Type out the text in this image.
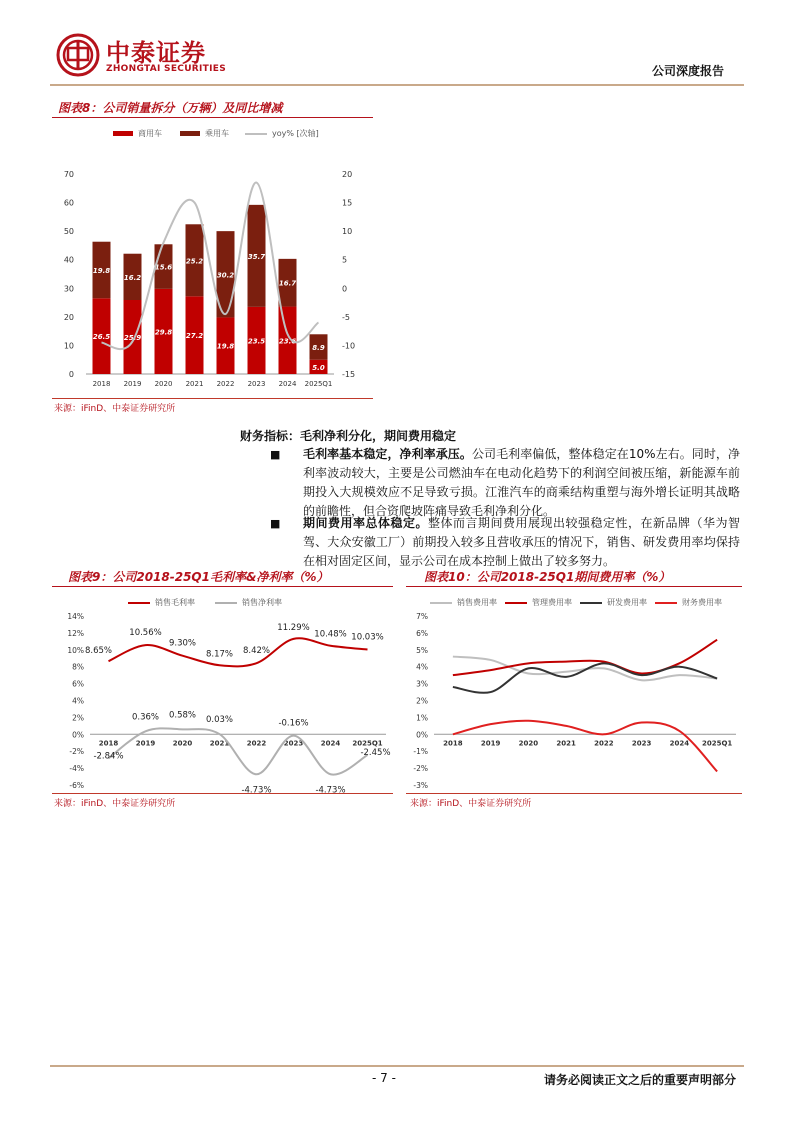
中泰证券
ZHONGTAI SECURITIES	公司深度报告
图表8：公司销量拆分（万辆）及同比增减
商用车	乘用车	yoy% [次轴]
0
10
20
30
40
50
60
70	20
15
10
5
0
-5
-10
-15
26.5
19.8
2018
25.9
16.2
2019
29.8
15.6
2020
27.2
25.2
2021
19.8
30.2
2022
23.5
35.7
2023
23.6
16.7
2024
5.0
8.9
2025Q1
来源：iFinD、中泰证券研究所
财务指标：毛利净利分化，期间费用稳定
■ 毛利率基本稳定，净利率承压。公司毛利率偏低，整体稳定在10%左右。同时，净利率波动较大，主要是公司燃油车在电动化趋势下的利润空间被压缩，新能源车前期投入大规模效应不足导致亏损。江淮汽车的商乘结构重塑与海外增长证明其战略的前瞻性，但合资爬坡阵痛导致毛利净利分化。
■ 期间费用率总体稳定。整体而言期间费用展现出较强稳定性，在新品牌（华为智驾、大众安徽工厂）前期投入较多且营收承压的情况下，销售、研发费用率均保持在相对固定区间，显示公司在成本控制上做出了较多努力。
图表9：公司2018-25Q1毛利率&净利率（%）
销售毛利率	销售净利率
14%
12%
10%
8%
6%
4%
2%
0%
-2%
-4%
-6%
2018	2019	2020	2021	2022	2023	2024 2025Q1
8.65%
10.56%
9.30%
8.17% 8.42%
11.29%
10.48% 10.03%
-2.84%
0.36% 0.58% 0.03%
-4.73%
-0.16%
-4.73%
-2.45%
来源：iFinD、中泰证券研究所
图表10：公司2018-25Q1期间费用率（%）
销售费用率	管理费用率	研发费用率	财务费用率
7%
6%
5%
4%
3%
2%
1%
0%
-1%
-2%
-3%
2018	2019	2020	2021	2022	2023	2024 2025Q1
来源：iFinD、中泰证券研究所
- 7 -	请务必阅读正文之后的重要声明部分
